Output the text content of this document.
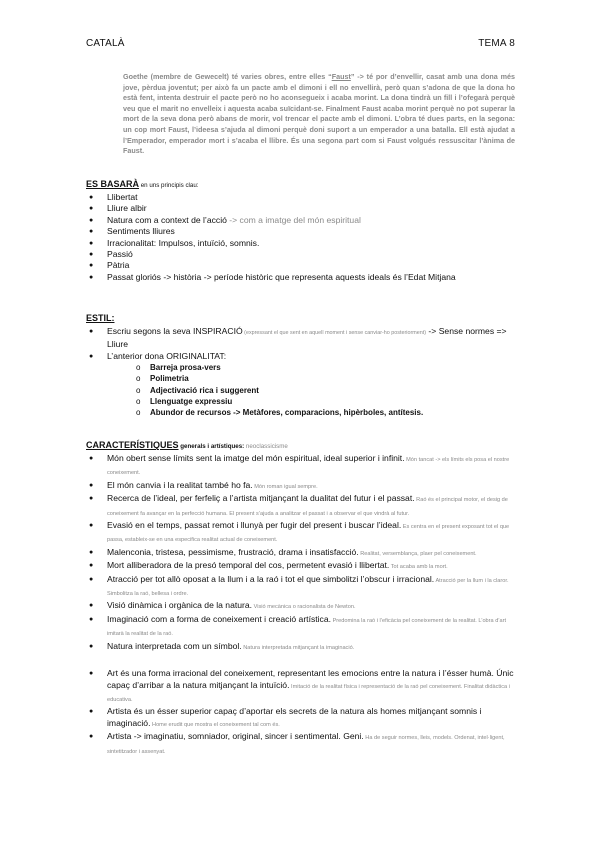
CATALÀ	TEMA 8
Goethe (membre de Gewecelt) té varies obres, entre elles “Faust” -> té por d’envellir, casat amb una dona més jove, pèrdua joventut; per això fa un pacte amb el dimoni i ell no envellirà, però quan s’adona de que la dona ho està fent, intenta destruir el pacte però no ho aconsegueix i acaba morint. La dona tindrà un fill i l’ofegarà perquè veu que el marit no envelleix i aquesta acaba suïcidant-se. Finalment Faust acaba morint perquè no pot superar la mort de la seva dona però abans de morir, vol trencar el pacte amb el dimoni. L’obra té dues parts, en la segona: un cop mort Faust, l’ideesa s’ajuda al dimoni perquè doni suport a un emperador a una batalla. Ell està ajudat a l’Emperador, emperador mort i s’acaba el llibre. És una segona part com si Faust volgués ressuscitar l’ànima de Faust.
ES BASARÀ en uns principis clau:
● Llibertat
● Lliure albir
● Natura com a context de l’acció -> com a imatge del món espiritual
● Sentiments lliures
● Irracionalitat: Impulsos, intuïció, somnis.
● Passió
● Pàtria
● Passat gloriós -> història -> període històric que representa aquests ideals és l’Edat Mitjana
ESTIL:
● Escriu segons la seva INSPIRACIÓ (expressant el que sent en aquell moment i sense canviar-ho posteriorment) -> Sense normes => Lliure
● L’anterior dona ORIGINALITAT:
o Barreja prosa-vers
o Polimetria
o Adjectivació rica i suggerent
o Llenguatge expressiu
o Abundor de recursos -> Metàfores, comparacions, hipèrboles, antítesis.
CARACTERÍSTIQUES generals i artístiques: neoclassicisme
● Món obert sense límits sent la imatge del món espiritual, ideal superior i infinit. Món tancat -> els límits els posa el nostre coneixement.
● El món canvia i la realitat també ho fa. Món roman igual sempre.
● Recerca de l’ideal, per ferfeliç a l’artista mitjançant la dualitat del futur i el passat. Raó és el principal motor, el desig de coneixement fa avançar en la perfecció humana. El present s’ajuda a analitzar el passat i a observar el que vindrà al futur.
● Evasió en el temps, passat remot i llunyà per fugir del present i buscar l’ideal. Es centra en el present exposant tot el que passa, estableix-se en una especifica realitat actual de coneixement.
● Malenconia, tristesa, pessimisme, frustració, drama i insatisfacció. Realitat, versemblança, plaer pel coneixement.
● Mort alliberadora de la presó temporal del cos, permetent evasió i llibertat. Tot acaba amb la mort.
● Atracció per tot allò oposat a la llum i a la raó i tot el que simbolitzi l’obscur i irracional. Atracció per la llum i la claror. Simbolitza la raó, bellesa i ordre.
● Visió dinàmica i orgànica de la natura. Visió mecànica o racionalista de Newton.
● Imaginació com a forma de coneixement i creació artística. Predomina la raó i l’eficàcia pel coneixement de la realitat. L’obra d’art imitarà la realitat de la raó.
● Natura interpretada com un símbol. Natura interpretada mitjançant la imaginació.
● Art és una forma irracional del coneixement, representant les emocions entre la natura i l’ésser humà. Únic capaç d’arribar a la natura mitjançant la intuïció. Imitació de la realitat física i representació de la raó pel coneixement. Finalitat didàctica i educativa.
● Artista és un ésser superior capaç d’aportar els secrets de la natura als homes mitjançant somnis i imaginació. Home erudit que mostra el coneixement tal com és.
● Artista -> imaginatiu, somniador, original, sincer i sentimental. Geni. Ha de seguir normes, lleis, models. Ordenat, intel·ligent, sintetitzador i assenyat.
